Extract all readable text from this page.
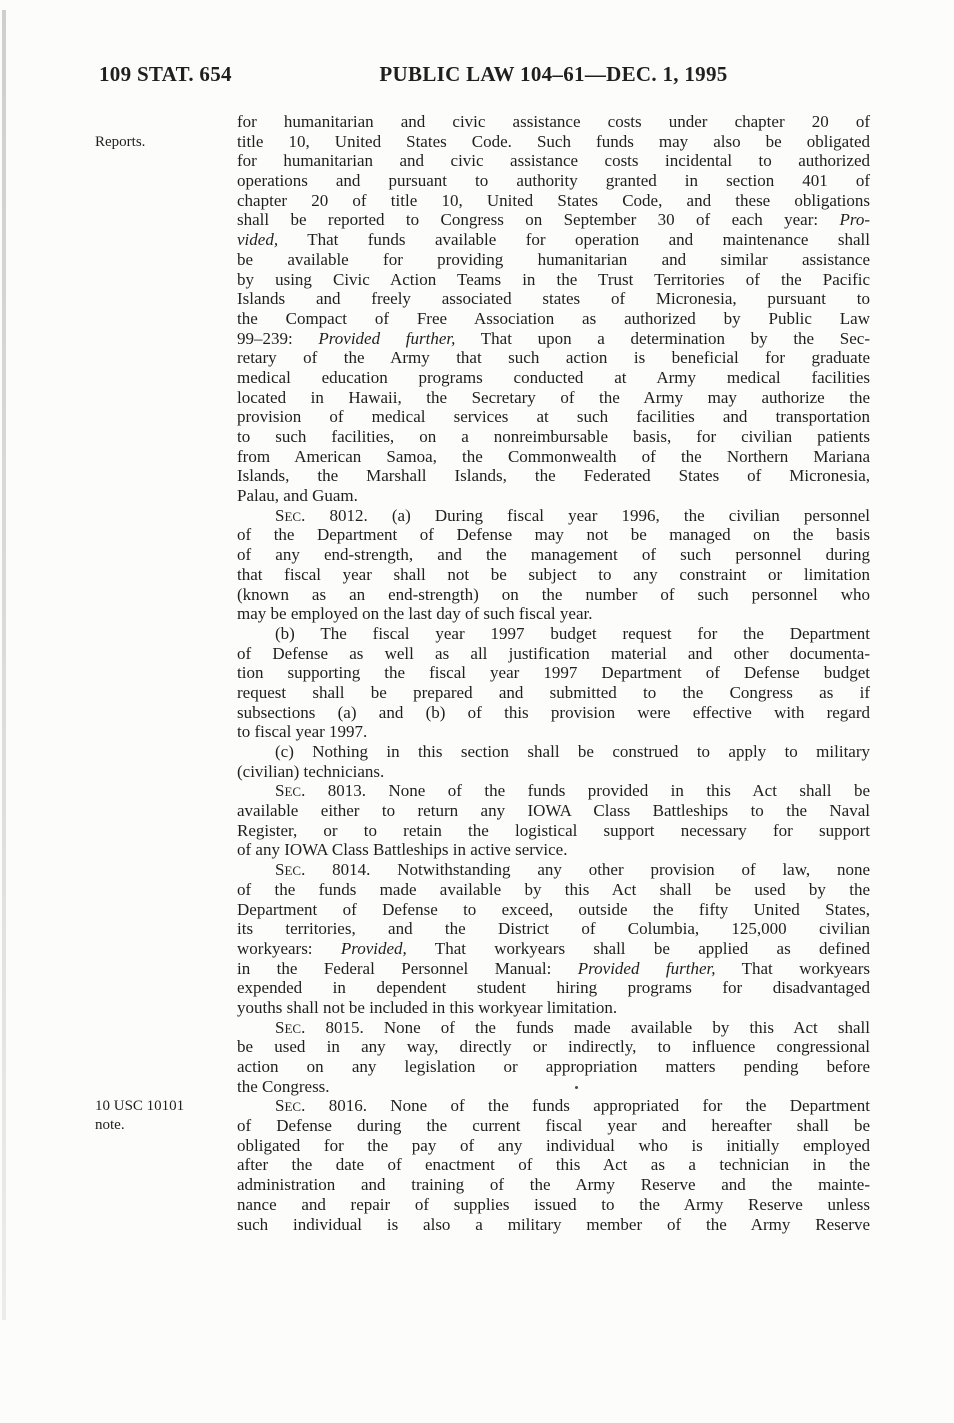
109 STAT. 654	PUBLIC LAW 104–61—DEC. 1, 1995
Reports.
10 USC 10101
note.
for humanitarian and civic assistance costs under chapter 20 of
title 10, United States Code. Such funds may also be obligated
for humanitarian and civic assistance costs incidental to authorized
operations and pursuant to authority granted in section 401 of
chapter 20 of title 10, United States Code, and these obligations
shall be reported to Congress on September 30 of each year: Pro-
vided, That funds available for operation and maintenance shall
be available for providing humanitarian and similar assistance
by using Civic Action Teams in the Trust Territories of the Pacific
Islands and freely associated states of Micronesia, pursuant to
the Compact of Free Association as authorized by Public Law
99–239: Provided further, That upon a determination by the Sec-
retary of the Army that such action is beneficial for graduate
medical education programs conducted at Army medical facilities
located in Hawaii, the Secretary of the Army may authorize the
provision of medical services at such facilities and transportation
to such facilities, on a nonreimbursable basis, for civilian patients
from American Samoa, the Commonwealth of the Northern Mariana
Islands, the Marshall Islands, the Federated States of Micronesia,
Palau, and Guam.
SEC. 8012. (a) During fiscal year 1996, the civilian personnel
of the Department of Defense may not be managed on the basis
of any end-strength, and the management of such personnel during
that fiscal year shall not be subject to any constraint or limitation
(known as an end-strength) on the number of such personnel who
may be employed on the last day of such fiscal year.
(b) The fiscal year 1997 budget request for the Department
of Defense as well as all justification material and other documenta-
tion supporting the fiscal year 1997 Department of Defense budget
request shall be prepared and submitted to the Congress as if
subsections (a) and (b) of this provision were effective with regard
to fiscal year 1997.
(c) Nothing in this section shall be construed to apply to military
(civilian) technicians.
SEC. 8013. None of the funds provided in this Act shall be
available either to return any IOWA Class Battleships to the Naval
Register, or to retain the logistical support necessary for support
of any IOWA Class Battleships in active service.
SEC. 8014. Notwithstanding any other provision of law, none
of the funds made available by this Act shall be used by the
Department of Defense to exceed, outside the fifty United States,
its territories, and the District of Columbia, 125,000 civilian
workyears: Provided, That workyears shall be applied as defined
in the Federal Personnel Manual: Provided further, That workyears
expended in dependent student hiring programs for disadvantaged
youths shall not be included in this workyear limitation.
SEC. 8015. None of the funds made available by this Act shall
be used in any way, directly or indirectly, to influence congressional
action on any legislation or appropriation matters pending before
the Congress.
SEC. 8016. None of the funds appropriated for the Department
of Defense during the current fiscal year and hereafter shall be
obligated for the pay of any individual who is initially employed
after the date of enactment of this Act as a technician in the
administration and training of the Army Reserve and the mainte-
nance and repair of supplies issued to the Army Reserve unless
such individual is also a military member of the Army Reserve
